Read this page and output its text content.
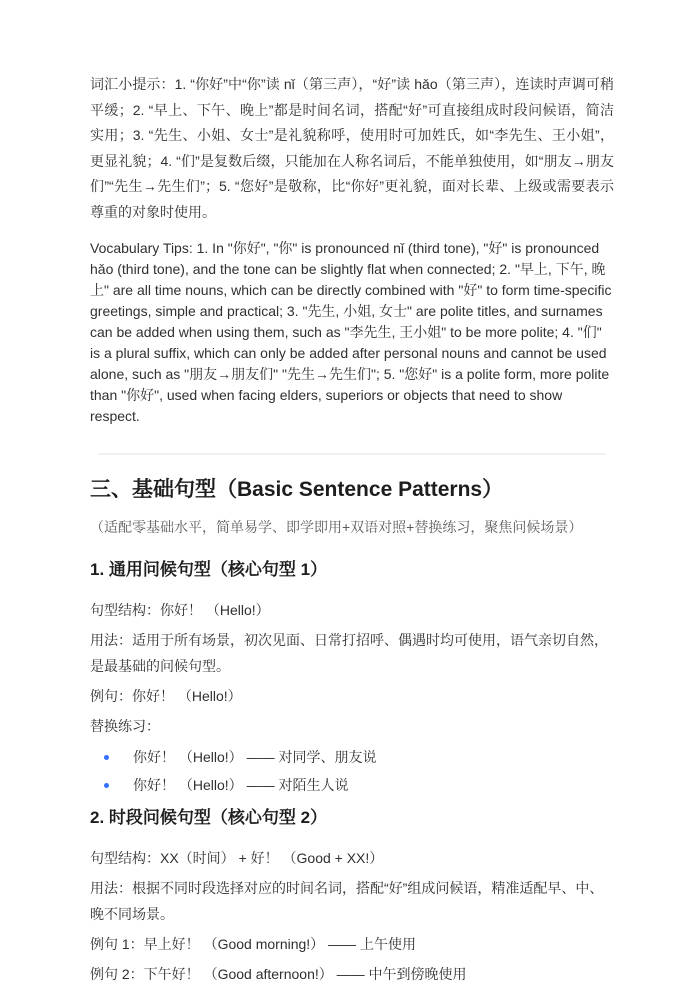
词汇小提示：1. “你好”中“你”读 nǐ（第三声），“好”读 hǎo（第三声），连读时声调可稍平缓；2. “早上、下午、晚上”都是时间名词，搭配“好”可直接组成时段问候语，简洁实用；3. “先生、小姐、女士”是礼貌称呼，使用时可加姓氏，如“李先生、王小姐”，更显礼貌；4. “们”是复数后缀，只能加在人称名词后，不能单独使用，如“朋友→朋友们”“先生→先生们”；5. “您好”是敬称，比“你好”更礼貌，面对长辈、上级或需要表示尊重的对象时使用。

Vocabulary Tips: 1. In "你好", "你" is pronounced nǐ (third tone), "好" is pronounced hǎo (third tone), and the tone can be slightly flat when connected; 2. "早上, 下午, 晚上" are all time nouns, which can be directly combined with "好" to form time-specific greetings, simple and practical; 3. "先生, 小姐, 女士" are polite titles, and surnames can be added when using them, such as "李先生, 王小姐" to be more polite; 4. "们" is a plural suffix, which can only be added after personal nouns and cannot be used alone, such as "朋友→朋友们" "先生→先生们"; 5. "您好" is a polite form, more polite than "你好", used when facing elders, superiors or objects that need to show respect.

三、基础句型（Basic Sentence Patterns）

（适配零基础水平，简单易学、即学即用+双语对照+替换练习，聚焦问候场景）

1. 通用问候句型（核心句型 1）

句型结构：你好！ （Hello!）

用法：适用于所有场景，初次见面、日常打招呼、偶遇时均可使用，语气亲切自然，是最基础的问候句型。

例句：你好！ （Hello!）

替换练习：

你好！ （Hello!） —— 对同学、朋友说
你好！ （Hello!） —— 对陌生人说
2. 时段问候句型（核心句型 2）

句型结构：XX（时间） + 好！ （Good + XX!）

用法：根据不同时段选择对应的时间名词，搭配“好”组成问候语，精准适配早、中、晚不同场景。

例句 1：早上好！ （Good morning!） —— 上午使用

例句 2：下午好！ （Good afternoon!） —— 中午到傍晚使用
